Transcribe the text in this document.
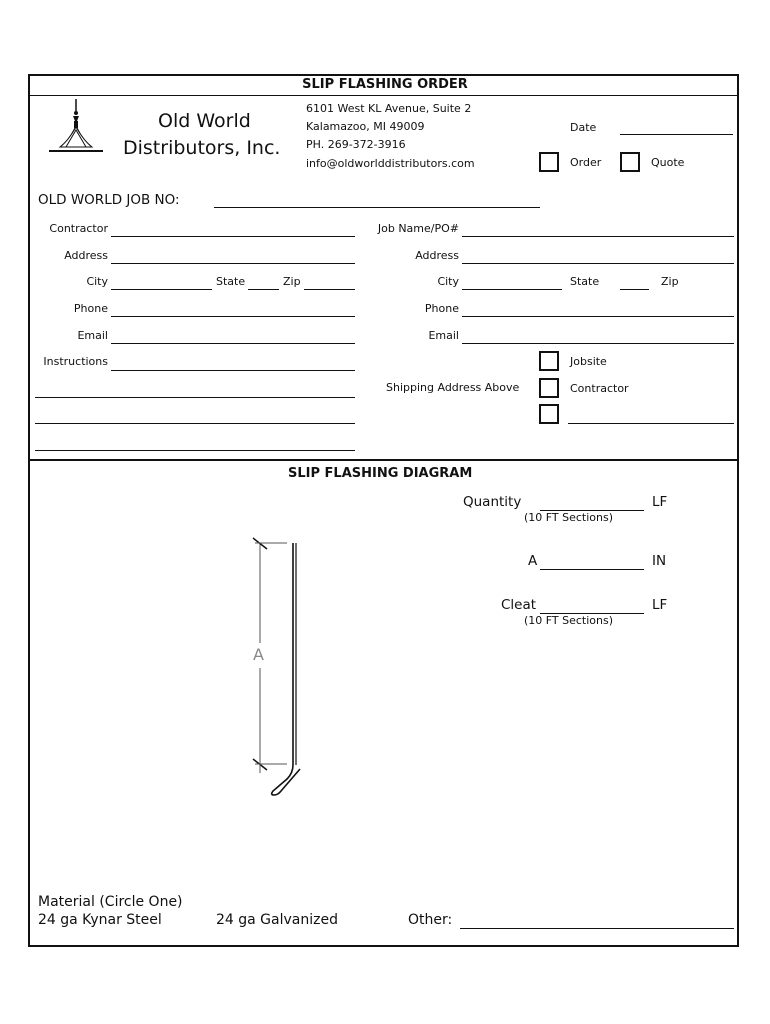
SLIP FLASHING ORDER
Old World
Distributors, Inc.
6101 West KL Avenue, Suite 2
Kalamazoo, MI 49009
PH. 269-372-3916
info@oldworlddistributors.com
Date
Order	Quote
OLD WORLD JOB NO:
Contractor
Address
City	State	Zip
Phone
Email
Instructions
Job Name/PO#
Address
City	State	Zip
Phone
Email
Jobsite
Shipping Address Above	Contractor
SLIP FLASHING DIAGRAM
Quantity	LF
(10 FT Sections)
A	IN
Cleat	LF
(10 FT Sections)
A
Material (Circle One)
24 ga Kynar Steel	24 ga Galvanized	Other:
